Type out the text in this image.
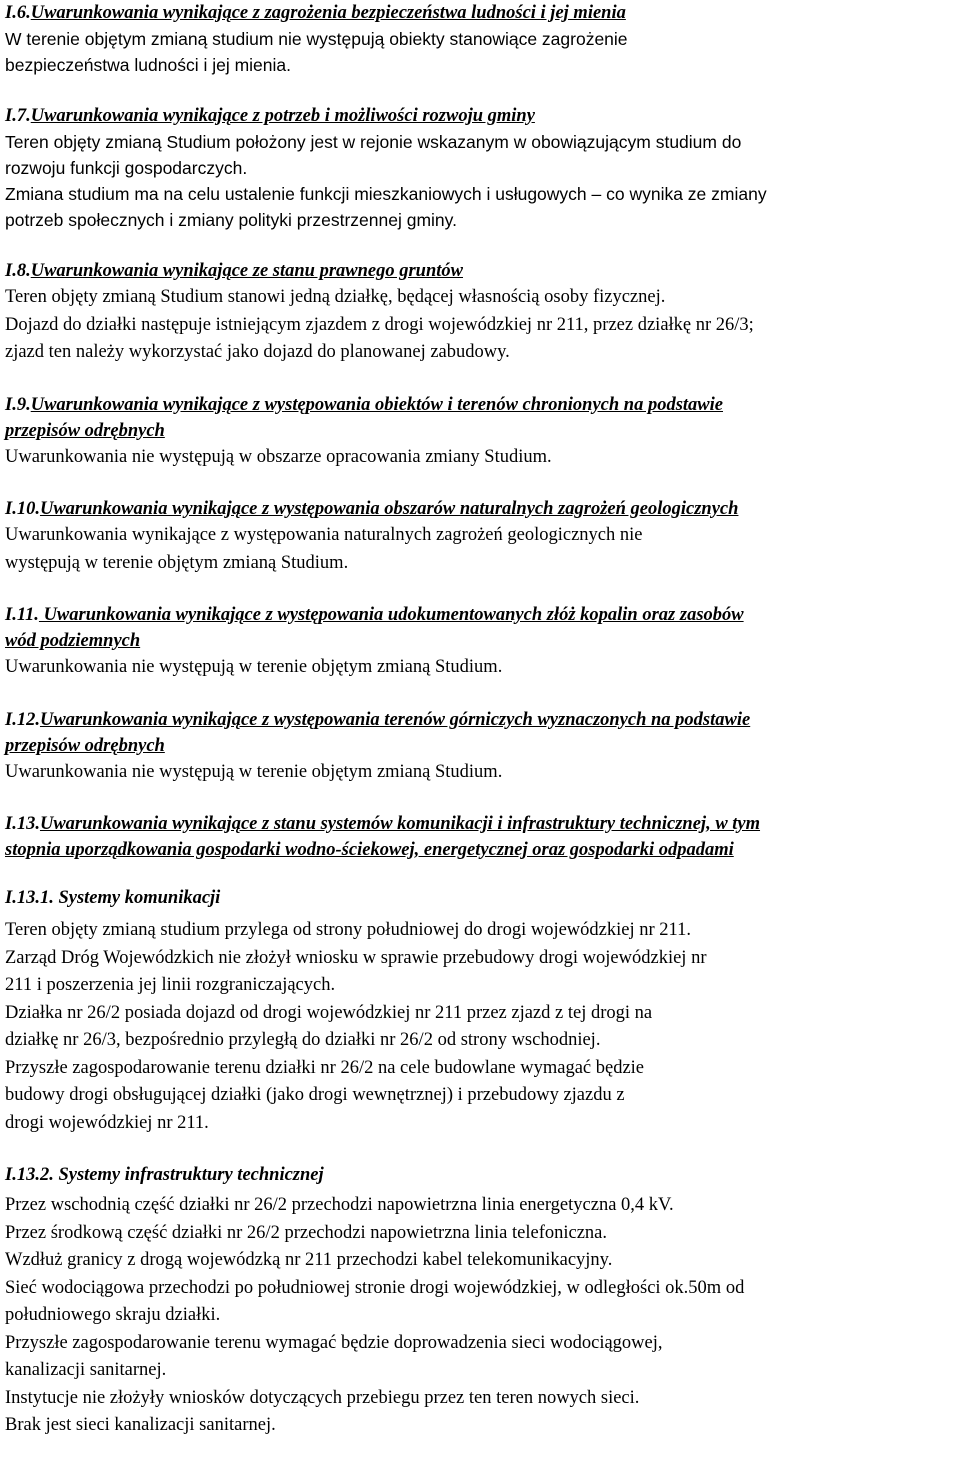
I.6.Uwarunkowania wynikające z zagrożenia bezpieczeństwa ludności i jej mienia

W terenie objętym zmianą studium nie występują obiekty stanowiące zagrożenie

bezpieczeństwa ludności i jej mienia.

I.7.Uwarunkowania wynikające z potrzeb i możliwości rozwoju gminy

Teren objęty zmianą Studium położony jest w rejonie wskazanym w obowiązującym studium do

rozwoju funkcji gospodarczych.

Zmiana studium ma na celu ustalenie funkcji mieszkaniowych i usługowych – co wynika ze zmiany

potrzeb społecznych i zmiany polityki przestrzennej gminy.

I.8.Uwarunkowania wynikające ze stanu prawnego gruntów

Teren objęty zmianą Studium stanowi jedną działkę, będącej własnością osoby fizycznej.

Dojazd do działki następuje istniejącym zjazdem z drogi wojewódzkiej nr 211, przez działkę nr 26/3;

zjazd ten należy wykorzystać jako dojazd do planowanej zabudowy.

I.9.Uwarunkowania wynikające z występowania obiektów i terenów chronionych na podstawie

przepisów odrębnych

Uwarunkowania nie występują w obszarze opracowania zmiany Studium.

I.10.Uwarunkowania wynikające z występowania obszarów naturalnych zagrożeń geologicznych

Uwarunkowania wynikające z występowania naturalnych zagrożeń geologicznych nie

występują w terenie objętym zmianą Studium.

I.11. Uwarunkowania wynikające z występowania udokumentowanych złóż kopalin oraz zasobów

wód podziemnych

Uwarunkowania nie występują w terenie objętym zmianą Studium.

I.12.Uwarunkowania wynikające z występowania terenów górniczych wyznaczonych na podstawie

przepisów odrębnych

Uwarunkowania nie występują w terenie objętym zmianą Studium.

I.13.Uwarunkowania wynikające z stanu systemów komunikacji i infrastruktury technicznej, w tym

stopnia uporządkowania gospodarki wodno-ściekowej, energetycznej oraz gospodarki odpadami

I.13.1. Systemy komunikacji

Teren objęty zmianą studium przylega od strony południowej do drogi wojewódzkiej nr 211.

Zarząd Dróg Wojewódzkich nie złożył wniosku w sprawie przebudowy drogi wojewódzkiej nr

211 i poszerzenia jej linii rozgraniczających.

Działka nr 26/2 posiada dojazd od drogi wojewódzkiej nr 211 przez zjazd z tej drogi na

działkę nr 26/3, bezpośrednio przyległą do działki nr 26/2 od strony wschodniej.

Przyszłe zagospodarowanie terenu działki nr 26/2 na cele budowlane wymagać będzie

budowy drogi obsługującej działki (jako drogi wewnętrznej) i przebudowy zjazdu z

drogi wojewódzkiej nr 211.

I.13.2. Systemy infrastruktury technicznej

Przez wschodnią część działki nr 26/2 przechodzi napowietrzna linia energetyczna 0,4 kV.

Przez środkową część działki nr 26/2 przechodzi napowietrzna linia telefoniczna.

Wzdłuż granicy z drogą wojewódzką nr 211 przechodzi kabel telekomunikacyjny.

Sieć wodociągowa przechodzi po południowej stronie drogi wojewódzkiej, w odległości ok.50m od

południowego skraju działki.

Przyszłe zagospodarowanie terenu wymagać będzie doprowadzenia sieci wodociągowej,

kanalizacji sanitarnej.

Instytucje nie złożyły wniosków dotyczących przebiegu przez ten teren nowych sieci.

Brak jest sieci kanalizacji sanitarnej.
